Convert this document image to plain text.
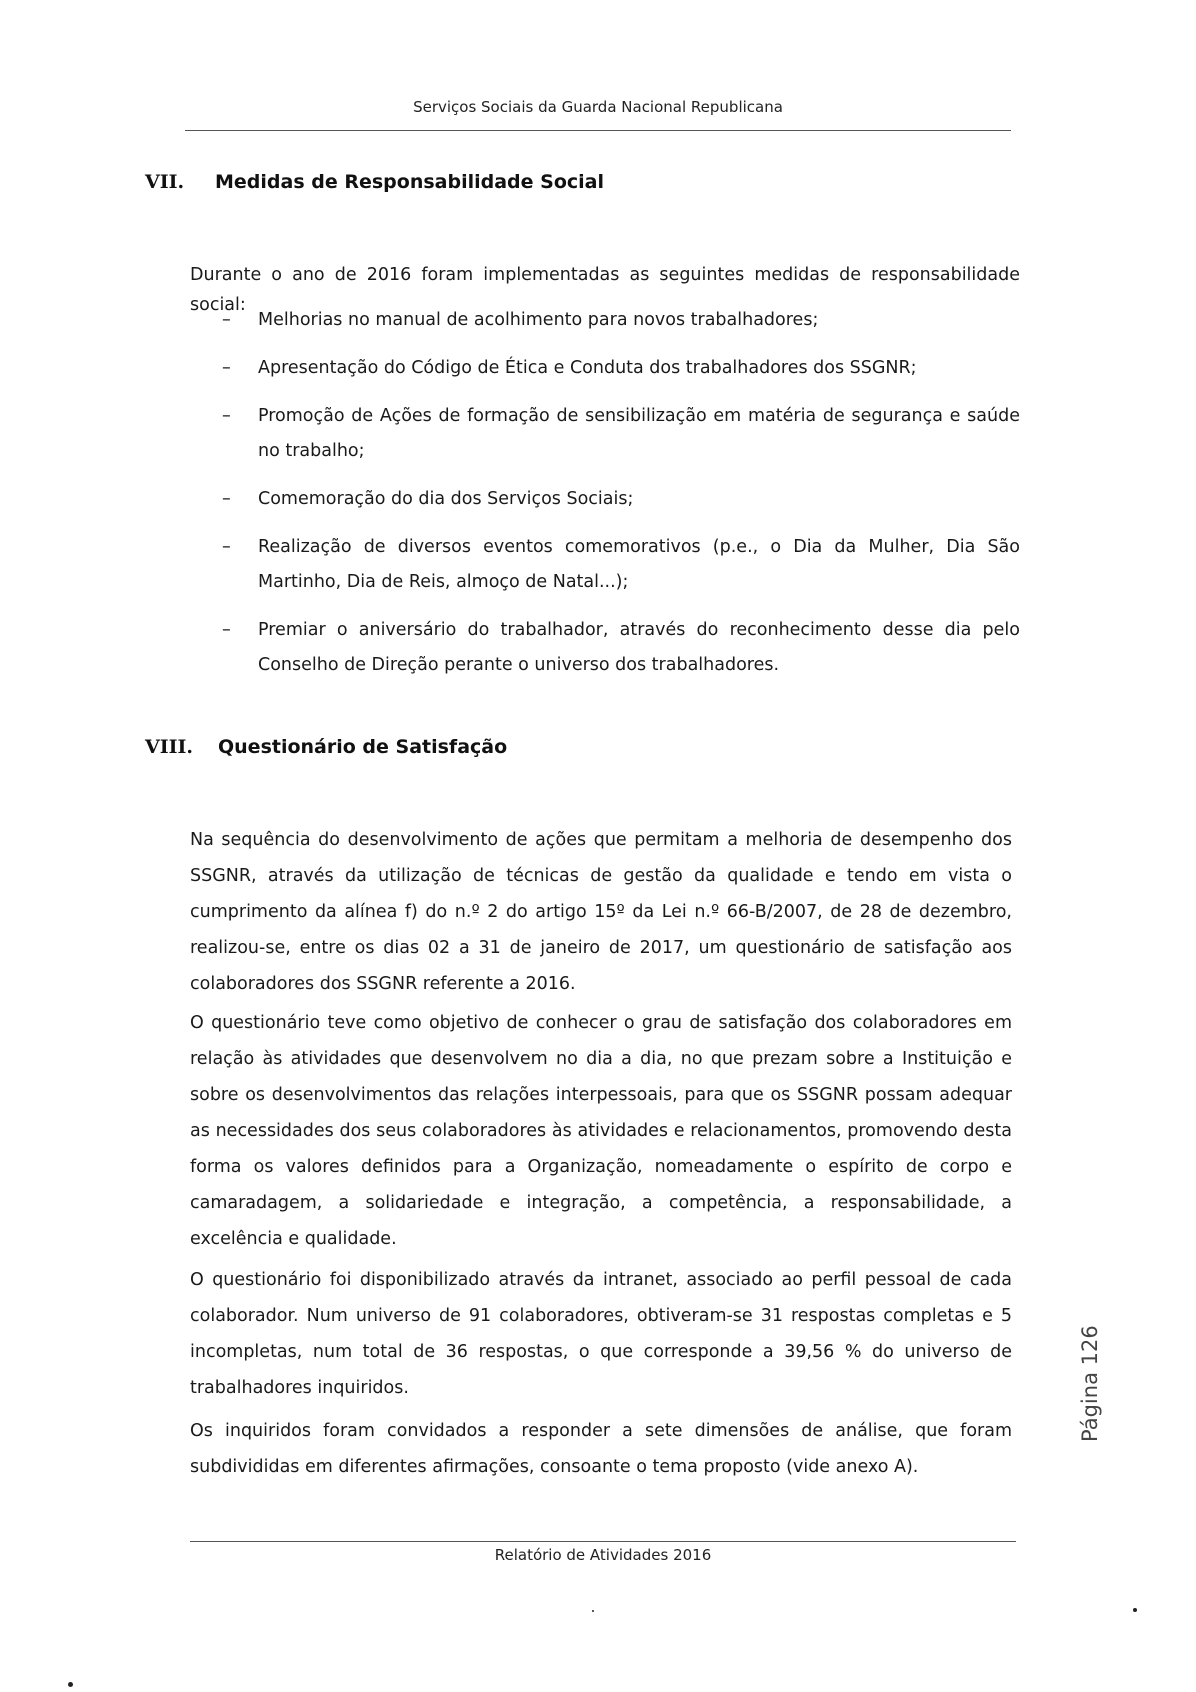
Serviços Sociais da Guarda Nacional Republicana
VII. Medidas de Responsabilidade Social
Durante o ano de 2016 foram implementadas as seguintes medidas de responsabilidade social:
– Melhorias no manual de acolhimento para novos trabalhadores;
– Apresentação do Código de Ética e Conduta dos trabalhadores dos SSGNR;
– Promoção de Ações de formação de sensibilização em matéria de segurança e saúde no trabalho;
– Comemoração do dia dos Serviços Sociais;
– Realização de diversos eventos comemorativos (p.e., o Dia da Mulher, Dia São Martinho, Dia de Reis, almoço de Natal...);
– Premiar o aniversário do trabalhador, através do reconhecimento desse dia pelo Conselho de Direção perante o universo dos trabalhadores.
VIII. Questionário de Satisfação

Na sequência do desenvolvimento de ações que permitam a melhoria de desempenho dos SSGNR, através da utilização de técnicas de gestão da qualidade e tendo em vista o cumprimento da alínea f) do n.º 2 do artigo 15º da Lei n.º 66-B/2007, de 28 de dezembro, realizou-se, entre os dias 02 a 31 de janeiro de 2017, um questionário de satisfação aos colaboradores dos SSGNR referente a 2016.

O questionário teve como objetivo de conhecer o grau de satisfação dos colaboradores em relação às atividades que desenvolvem no dia a dia, no que prezam sobre a Instituição e sobre os desenvolvimentos das relações interpessoais, para que os SSGNR possam adequar as necessidades dos seus colaboradores às atividades e relacionamentos, promovendo desta forma os valores definidos para a Organização, nomeadamente o espírito de corpo e camaradagem, a solidariedade e integração, a competência, a responsabilidade, a excelência e qualidade.

O questionário foi disponibilizado através da intranet, associado ao perfil pessoal de cada colaborador. Num universo de 91 colaboradores, obtiveram-se 31 respostas completas e 5 incompletas, num total de 36 respostas, o que corresponde a 39,56 % do universo de trabalhadores inquiridos.

Os inquiridos foram convidados a responder a sete dimensões de análise, que foram subdivididas em diferentes afirmações, consoante o tema proposto (vide anexo A).

Página 126
Relatório de Atividades 2016
